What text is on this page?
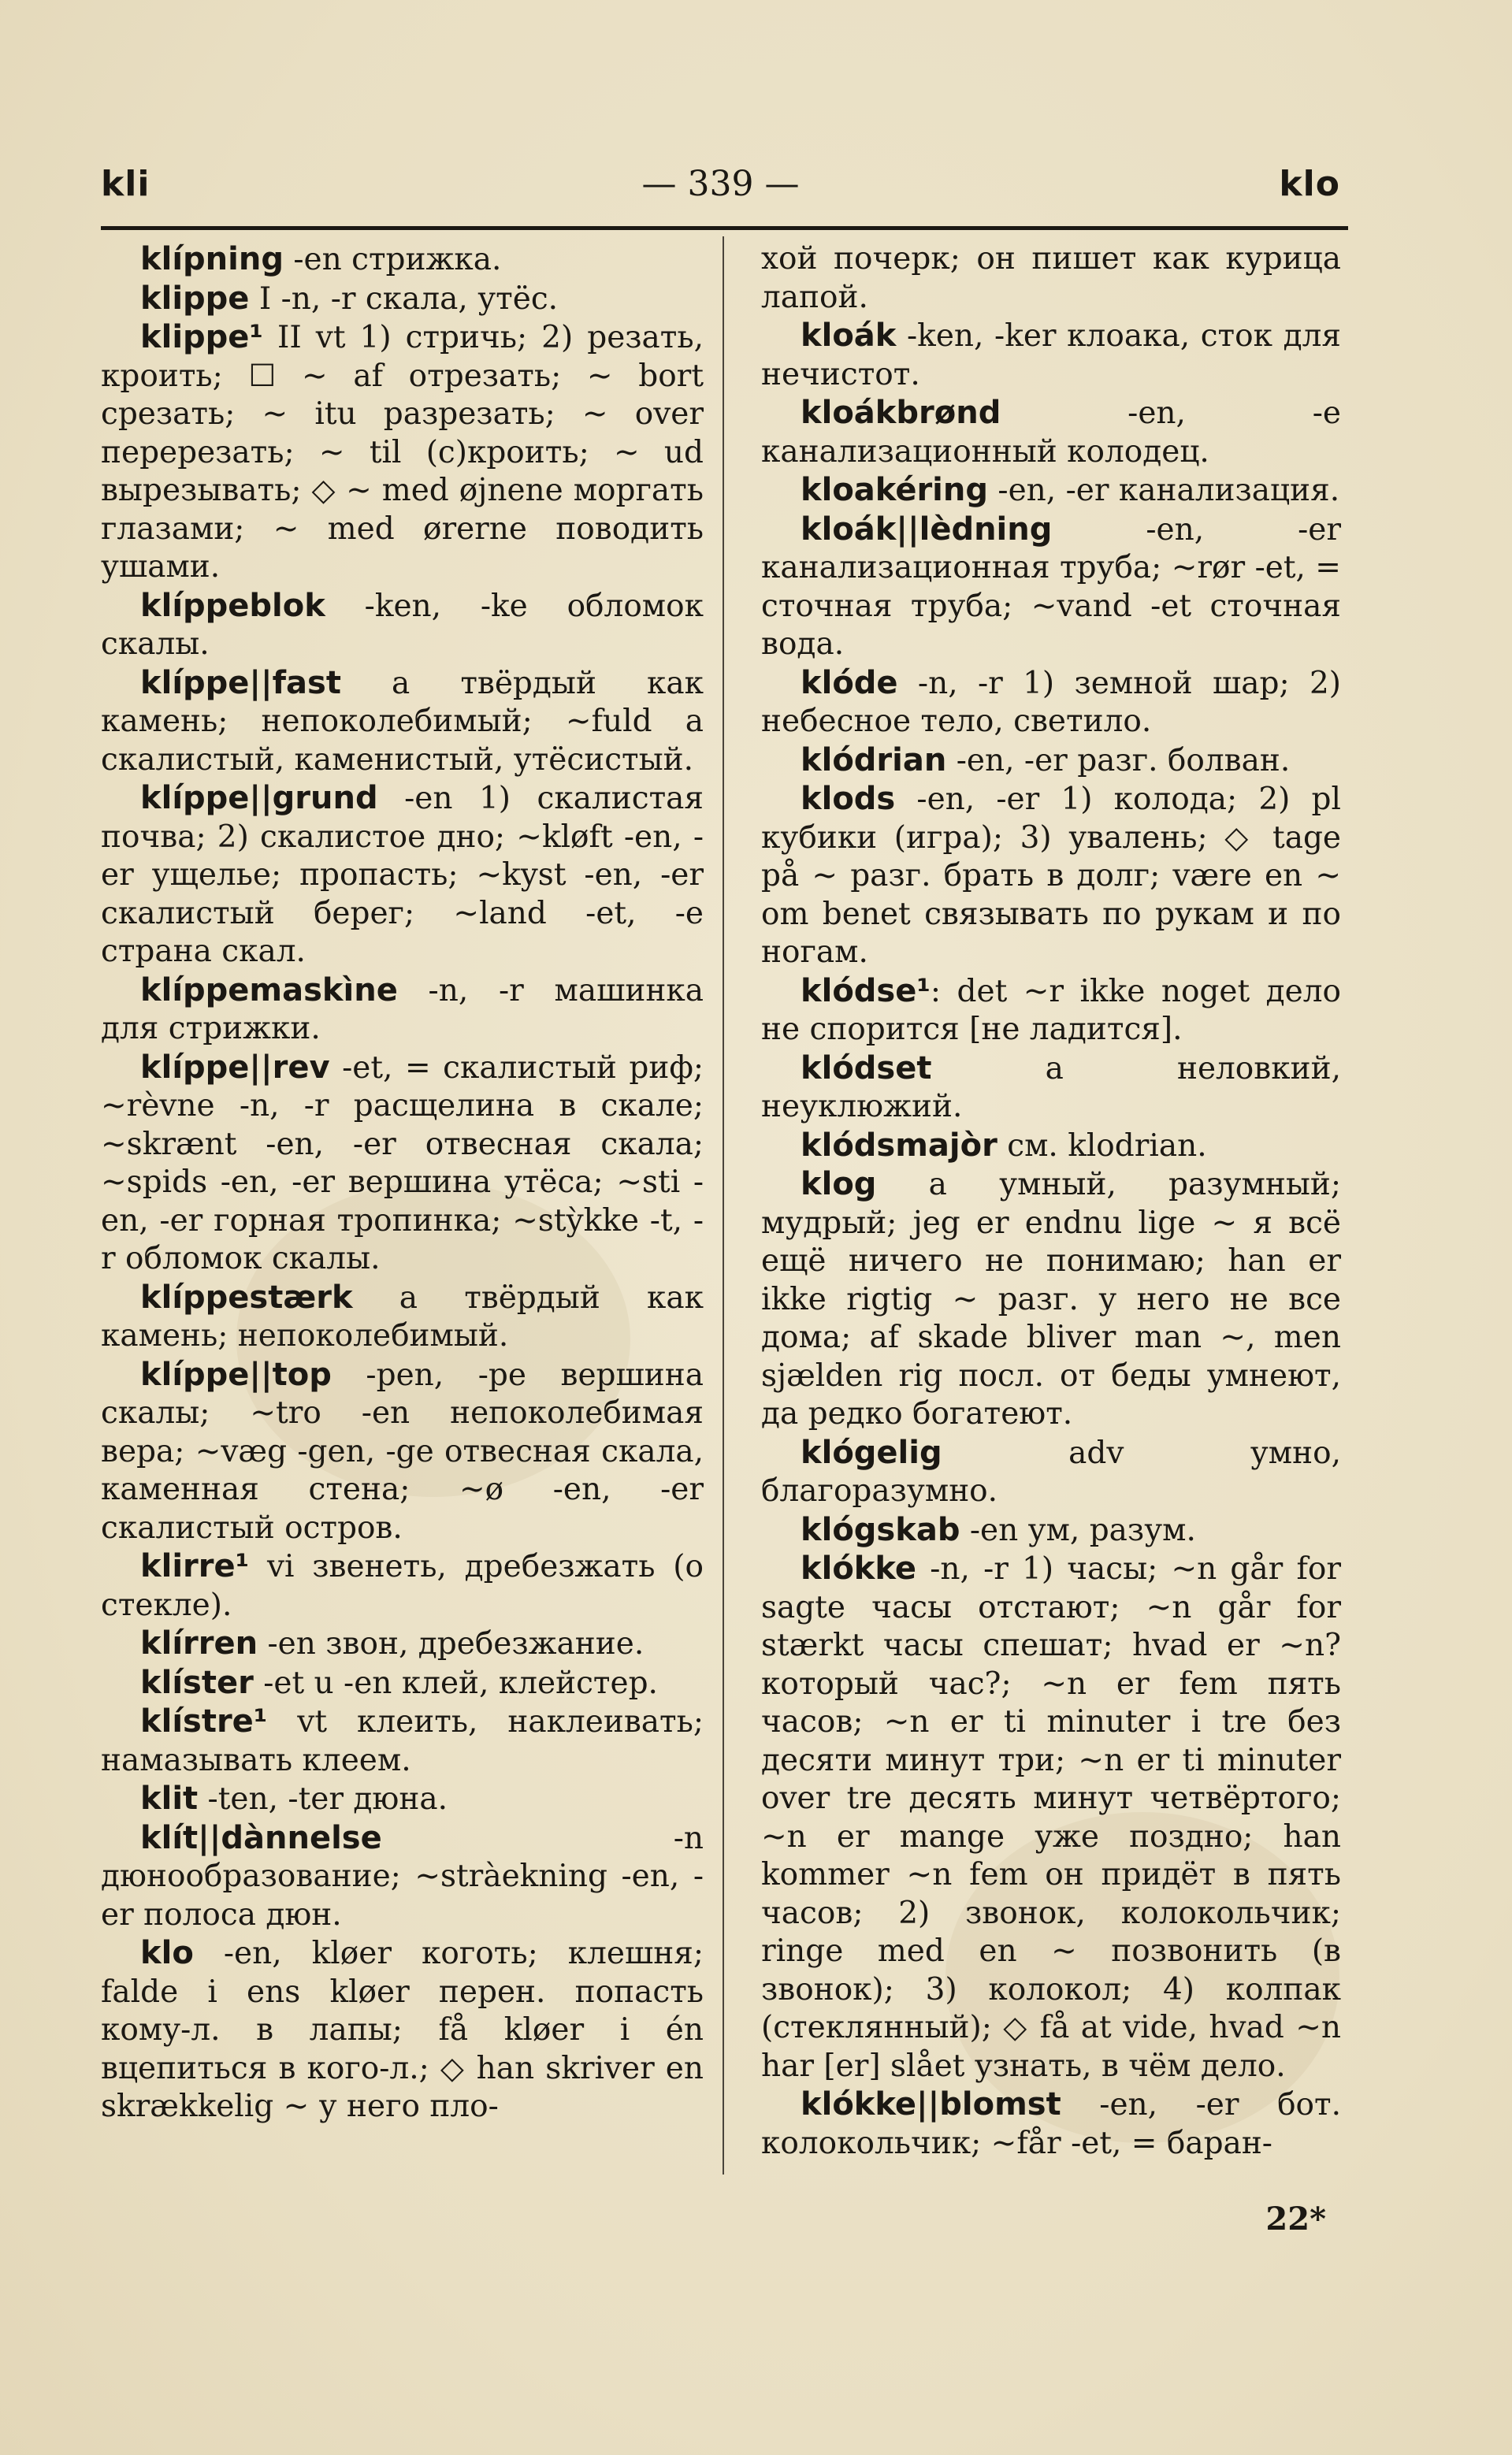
kli	— 339 —	klo

klípning -en стрижка.

klippe I -n, -r скала, утёс.

klippe¹ II vt 1) стричь; 2) резать, кроить; ☐ ~ af отрезать; ~ bort срезать; ~ itu разрезать; ~ over перерезать; ~ til (с)кроить; ~ ud вырезывать; ◇ ~ med øjnene моргать глазами; ~ med ørerne поводить ушами.

klíppeblok -ken, -ke обломок скалы.

klíppe||fast a твёрдый как камень; непоколебимый; ~fuld a скалистый, каменистый, утёсистый.

klíppe||grund -en 1) скалистая почва; 2) скалистое дно; ~kløft -en, -er ущелье; пропасть; ~kyst -en, -er скалистый берег; ~land -et, -e страна скал.

klíppemaskìne -n, -r машинка для стрижки.

klíppe||rev -et, = скалистый риф; ~rèvne -n, -r расщелина в скале; ~skrænt -en, -er отвесная скала; ~spids -en, -er вершина утёса; ~sti -en, -er горная тропинка; ~stỳkke -t, -r обломок скалы.

klíppestærk a твёрдый как камень; непоколебимый.

klíppe||top -pen, -pe вершина скалы; ~tro -en непоколебимая вера; ~væg -gen, -ge отвесная скала, каменная стена; ~ø -en, -er скалистый остров.

klirre¹ vi звенеть, дребезжать (о стекле).

klírren -en звон, дребезжание.

klíster -et u -en клей, клейстер.

klístre¹ vt клеить, наклеивать; намазывать клеем.

klit -ten, -ter дюна.

klít||dànnelse -n дюнообразование; ~stràekning -en, -er полоса дюн.

klo -en, kløer коготь; клешня; falde i ens kløer перен. попасть кому-л. в лапы; få kløer i én вцепиться в кого-л.; ◇ han skriver en skrækkelig ~ у него пло-

хой почерк; он пишет как курица лапой.

kloák -ken, -ker клоака, сток для нечистот.

kloákbrønd -en, -e канализационный колодец.

kloakéring -en, -er канализация.

kloák||lèdning -en, -er канализационная труба; ~rør -et, = сточная труба; ~vand -et сточная вода.

klóde -n, -r 1) земной шар; 2) небесное тело, светило.

klódrian -en, -er разг. болван.

klods -en, -er 1) колода; 2) pl кубики (игра); 3) увалень; ◇ tage på ~ разг. брать в долг; være en ~ om benet связывать по рукам и по ногам.

klódse¹: det ~r ikke noget дело не спорится [не ладится].

klódset a неловкий, неуклюжий.

klódsmajòr см. klodrian.

klog a умный, разумный; мудрый; jeg er endnu lige ~ я всё ещё ничего не понимаю; han er ikke rigtig ~ разг. у него не все дома; af skade bliver man ~, men sjælden rig посл. от беды умнеют, да редко богатеют.

klógelig adv умно, благоразумно.

klógskab -en ум, разум.

klókke -n, -r 1) часы; ~n går for sagte часы отстают; ~n går for stærkt часы спешат; hvad er ~n? который час?; ~n er fem пять часов; ~n er ti minuter i tre без десяти минут три; ~n er ti minuter over tre десять минут четвёртого; ~n er mange уже поздно; han kommer ~n fem он придёт в пять часов; 2) звонок, колокольчик; ringe med en ~ позвонить (в звонок); 3) колокол; 4) колпак (стеклянный); ◇ få at vide, hvad ~n har [er] slået узнать, в чём дело.

klókke||blomst -en, -er бот. колокольчик; ~får -et, = баран-

22*
